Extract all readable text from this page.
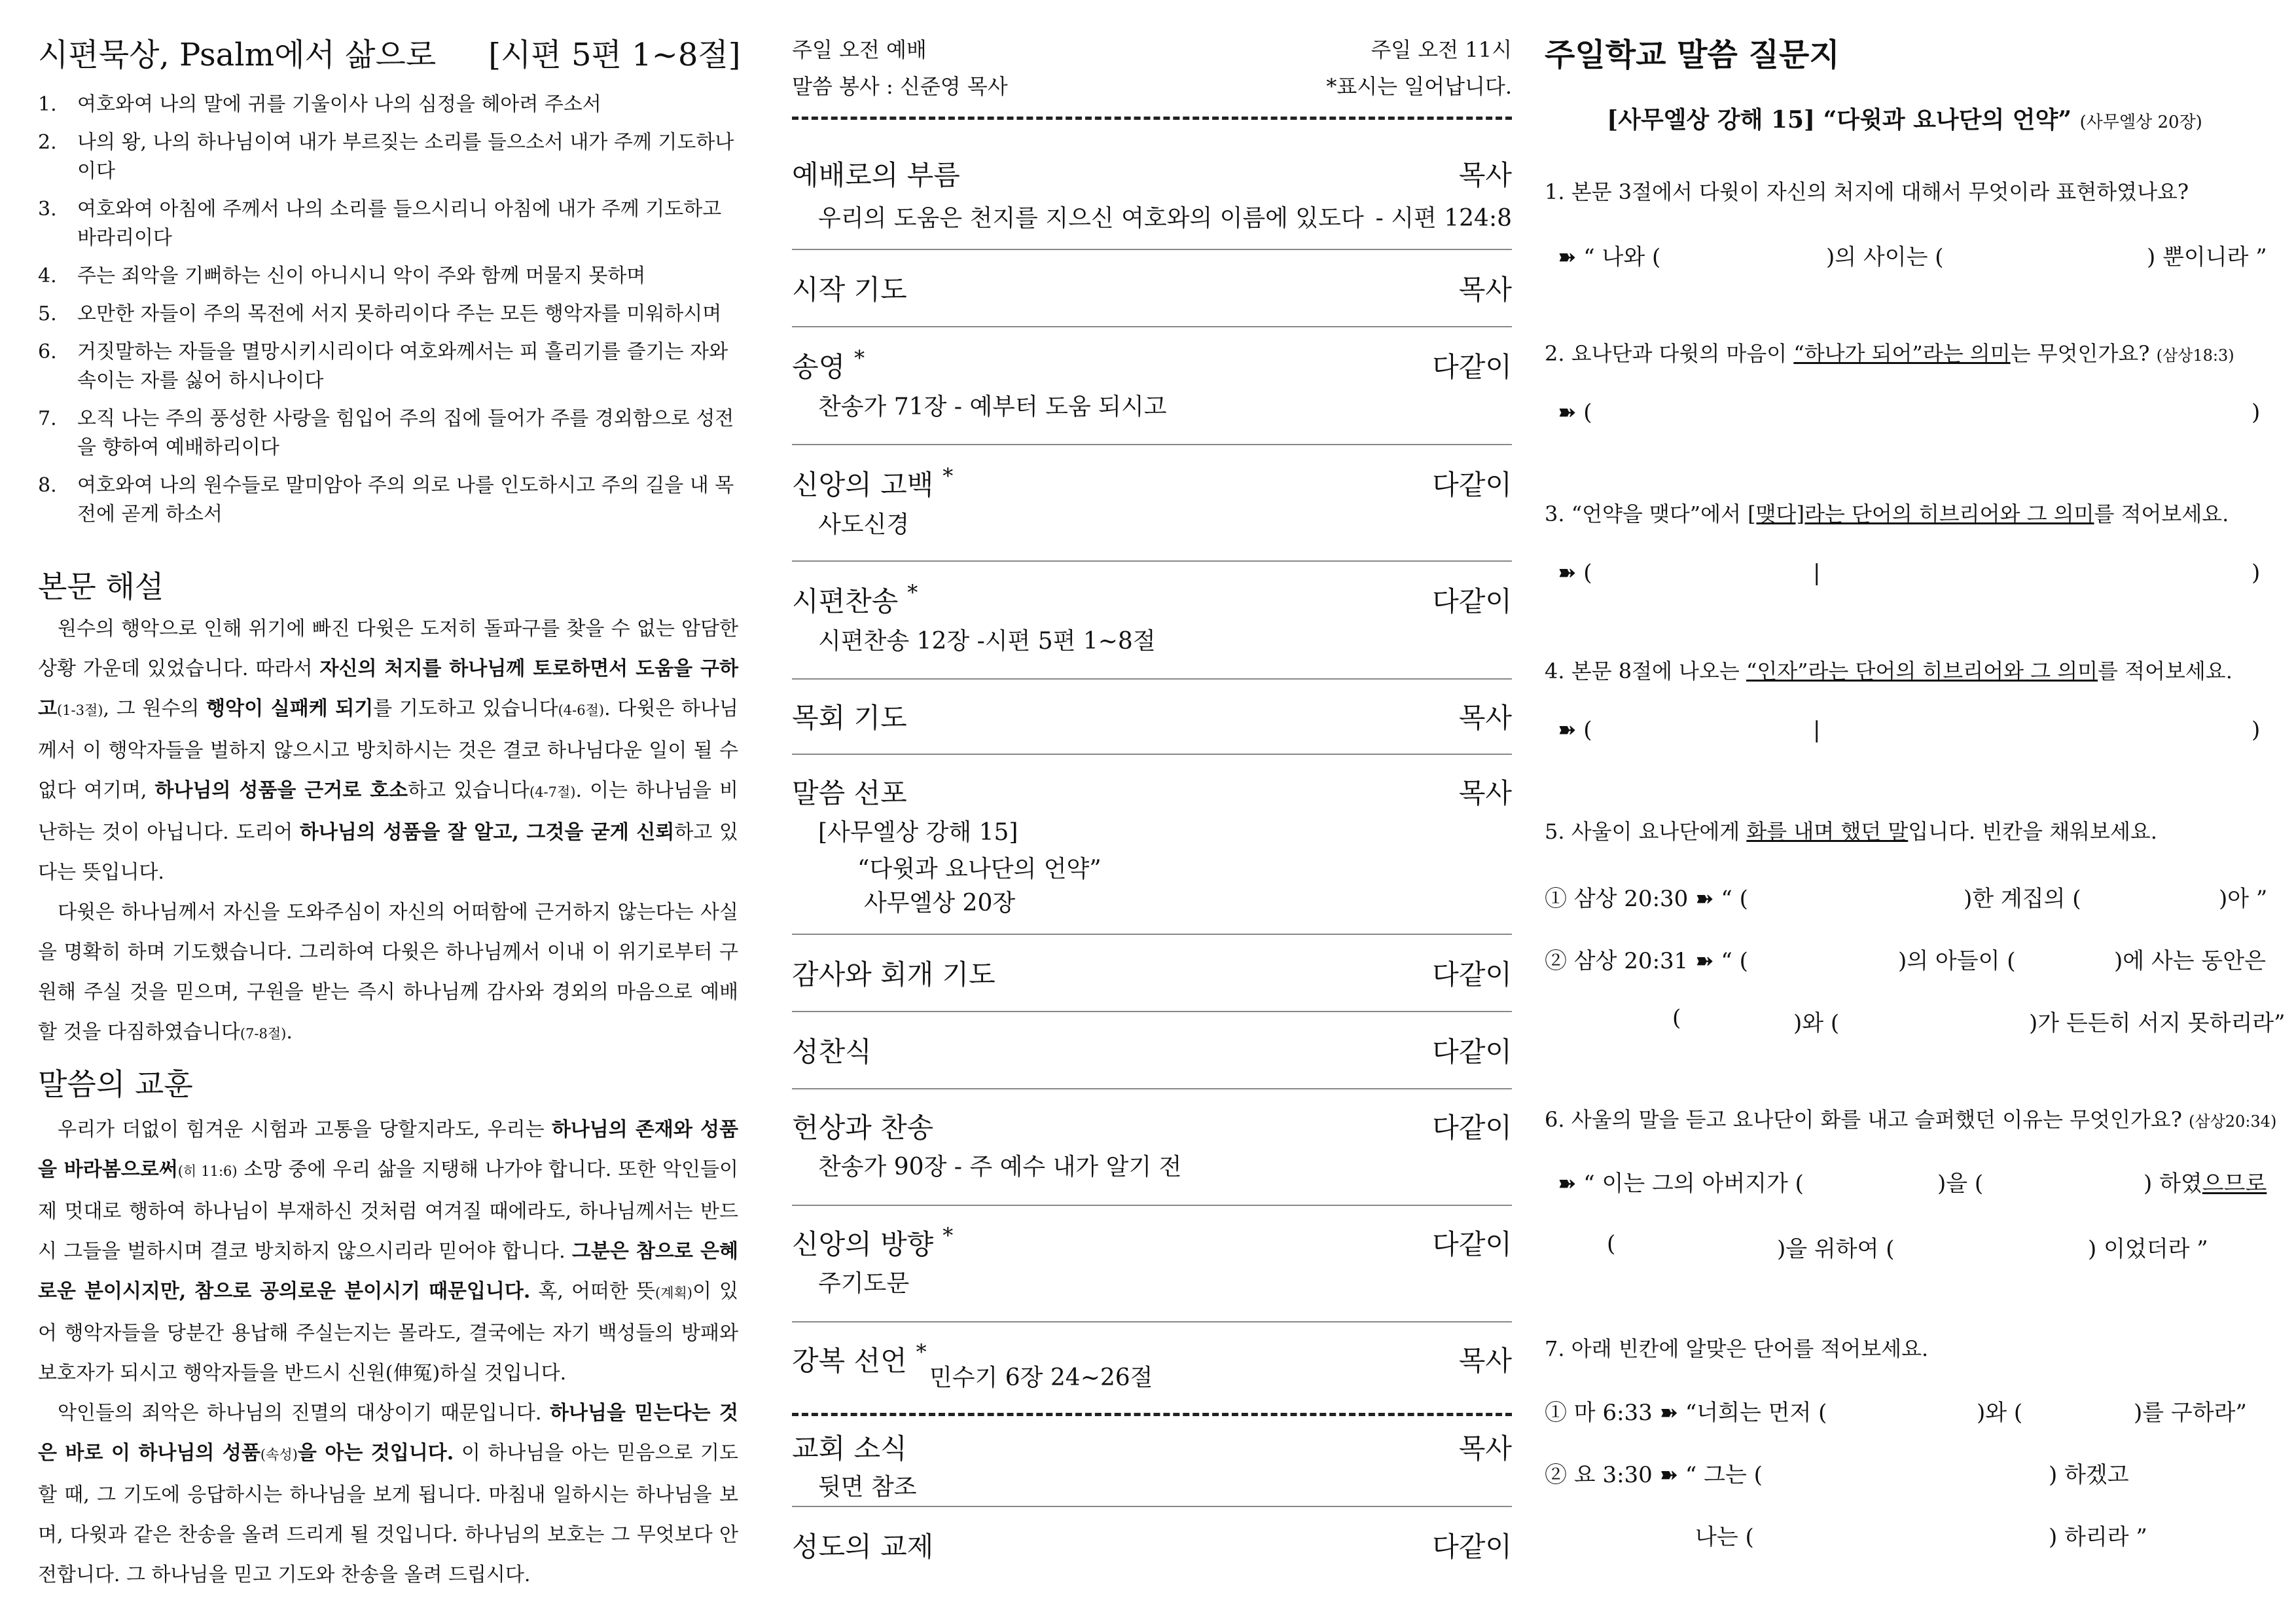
시편묵상, Psalm에서 삶으로 [시편 5편 1~8절]
1. 여호와여 나의 말에 귀를 기울이사 나의 심정을 헤아려 주소서
2. 나의 왕, 나의 하나님이여 내가 부르짖는 소리를 들으소서 내가 주께 기도하나이다
3. 여호와여 아침에 주께서 나의 소리를 들으시리니 아침에 내가 주께 기도하고 바라리이다
4. 주는 죄악을 기뻐하는 신이 아니시니 악이 주와 함께 머물지 못하며
5. 오만한 자들이 주의 목전에 서지 못하리이다 주는 모든 행악자를 미워하시며
6. 거짓말하는 자들을 멸망시키시리이다 여호와께서는 피 흘리기를 즐기는 자와 속이는 자를 싫어 하시나이다
7. 오직 나는 주의 풍성한 사랑을 힘입어 주의 집에 들어가 주를 경외함으로 성전을 향하여 예배하리이다
8. 여호와여 나의 원수들로 말미암아 주의 의로 나를 인도하시고 주의 길을 내 목전에 곧게 하소서
본문 해설

원수의 행악으로 인해 위기에 빠진 다윗은 도저히 돌파구를 찾을 수 없는 암담한 상황 가운데 있었습니다. 따라서 자신의 처지를 하나님께 토로하면서 도움을 구하고(1-3절), 그 원수의 행악이 실패케 되기를 기도하고 있습니다(4-6절). 다윗은 하나님께서 이 행악자들을 벌하지 않으시고 방치하시는 것은 결코 하나님다운 일이 될 수 없다 여기며, 하나님의 성품을 근거로 호소하고 있습니다(4-7절). 이는 하나님을 비난하는 것이 아닙니다. 도리어 하나님의 성품을 잘 알고, 그것을 굳게 신뢰하고 있다는 뜻입니다.

다윗은 하나님께서 자신을 도와주심이 자신의 어떠함에 근거하지 않는다는 사실을 명확히 하며 기도했습니다. 그리하여 다윗은 하나님께서 이내 이 위기로부터 구원해 주실 것을 믿으며, 구원을 받는 즉시 하나님께 감사와 경외의 마음으로 예배할 것을 다짐하였습니다(7-8절).

말씀의 교훈

우리가 더없이 힘겨운 시험과 고통을 당할지라도, 우리는 하나님의 존재와 성품을 바라봄으로써(히 11:6) 소망 중에 우리 삶을 지탱해 나가야 합니다. 또한 악인들이 제 멋대로 행하여 하나님이 부재하신 것처럼 여겨질 때에라도, 하나님께서는 반드시 그들을 벌하시며 결코 방치하지 않으시리라 믿어야 합니다. 그분은 참으로 은혜로운 분이시지만, 참으로 공의로운 분이시기 때문입니다. 혹, 어떠한 뜻(계획)이 있어 행악자들을 당분간 용납해 주실는지는 몰라도, 결국에는 자기 백성들의 방패와 보호자가 되시고 행악자들을 반드시 신원(伸冤)하실 것입니다.

악인들의 죄악은 하나님의 진멸의 대상이기 때문입니다. 하나님을 믿는다는 것은 바로 이 하나님의 성품(속성)을 아는 것입니다. 이 하나님을 아는 믿음으로 기도할 때, 그 기도에 응답하시는 하나님을 보게 됩니다. 마침내 일하시는 하나님을 보며, 다윗과 같은 찬송을 올려 드리게 될 것입니다. 하나님의 보호는 그 무엇보다 안전합니다. 그 하나님을 믿고 기도와 찬송을 올려 드립시다.

주일 오전 예배	주일 오전 11시
말씀 봉사 : 신준영 목사	*표시는 일어납니다.
예배로의 부름	목사
우리의 도움은 천지를 지으신 여호와의 이름에 있도다 - 시편 124:8
시작 기도	목사
송영 *	다같이
찬송가 71장 - 예부터 도움 되시고
신앙의 고백 *	다같이
사도신경
시편찬송 *	다같이
시편찬송 12장 -시편 5편 1~8절
목회 기도	목사
말씀 선포	목사
[사무엘상 강해 15]
“다윗과 요나단의 언약”
사무엘상 20장
감사와 회개 기도	다같이
성찬식	다같이
헌상과 찬송	다같이
찬송가 90장 - 주 예수 내가 알기 전
신앙의 방향 *	다같이
주기도문
강복 선언 *	목사
민수기 6장 24~26절
교회 소식	목사
뒷면 참조
성도의 교제	다같이
주일학교 말씀 질문지
[사무엘상 강해 15] “다윗과 요나단의 언약” (사무엘상 20장)
1. 본문 3절에서 다윗이 자신의 처지에 대해서 무엇이라 표현하였나요?
➽ “ 나와 (	)의 사이는 (	) 뿐이니라 ”
2. 요나단과 다윗의 마음이 “하나가 되어”라는 의미는 무엇인가요? (삼상18:3)
➽ (	)
3. “언약을 맺다”에서 [맺다]라는 단어의 히브리어와 그 의미를 적어보세요.
➽ (	|	)
4. 본문 8절에 나오는 “인자”라는 단어의 히브리어와 그 의미를 적어보세요.
➽ (	|	)
5. 사울이 요나단에게 화를 내며 했던 말입니다. 빈칸을 채워보세요.
① 삼상 20:30 ➽ “ (	)한 계집의 (	)아 ”
② 삼상 20:31 ➽ “ (	)의 아들이 (	)에 사는 동안은
(	)와 (	)가 든든히 서지 못하리라”
6. 사울의 말을 듣고 요나단이 화를 내고 슬퍼했던 이유는 무엇인가요? (삼상20:34)
➽ “ 이는 그의 아버지가 (	)을 (	) 하였으므로
(	)을 위하여 (	) 이었더라 ”
7. 아래 빈칸에 알맞은 단어를 적어보세요.
① 마 6:33 ➽ “너희는 먼저 (	)와 (	)를 구하라”
② 요 3:30 ➽ “ 그는 (	) 하겠고
나는 (	) 하리라 ”
